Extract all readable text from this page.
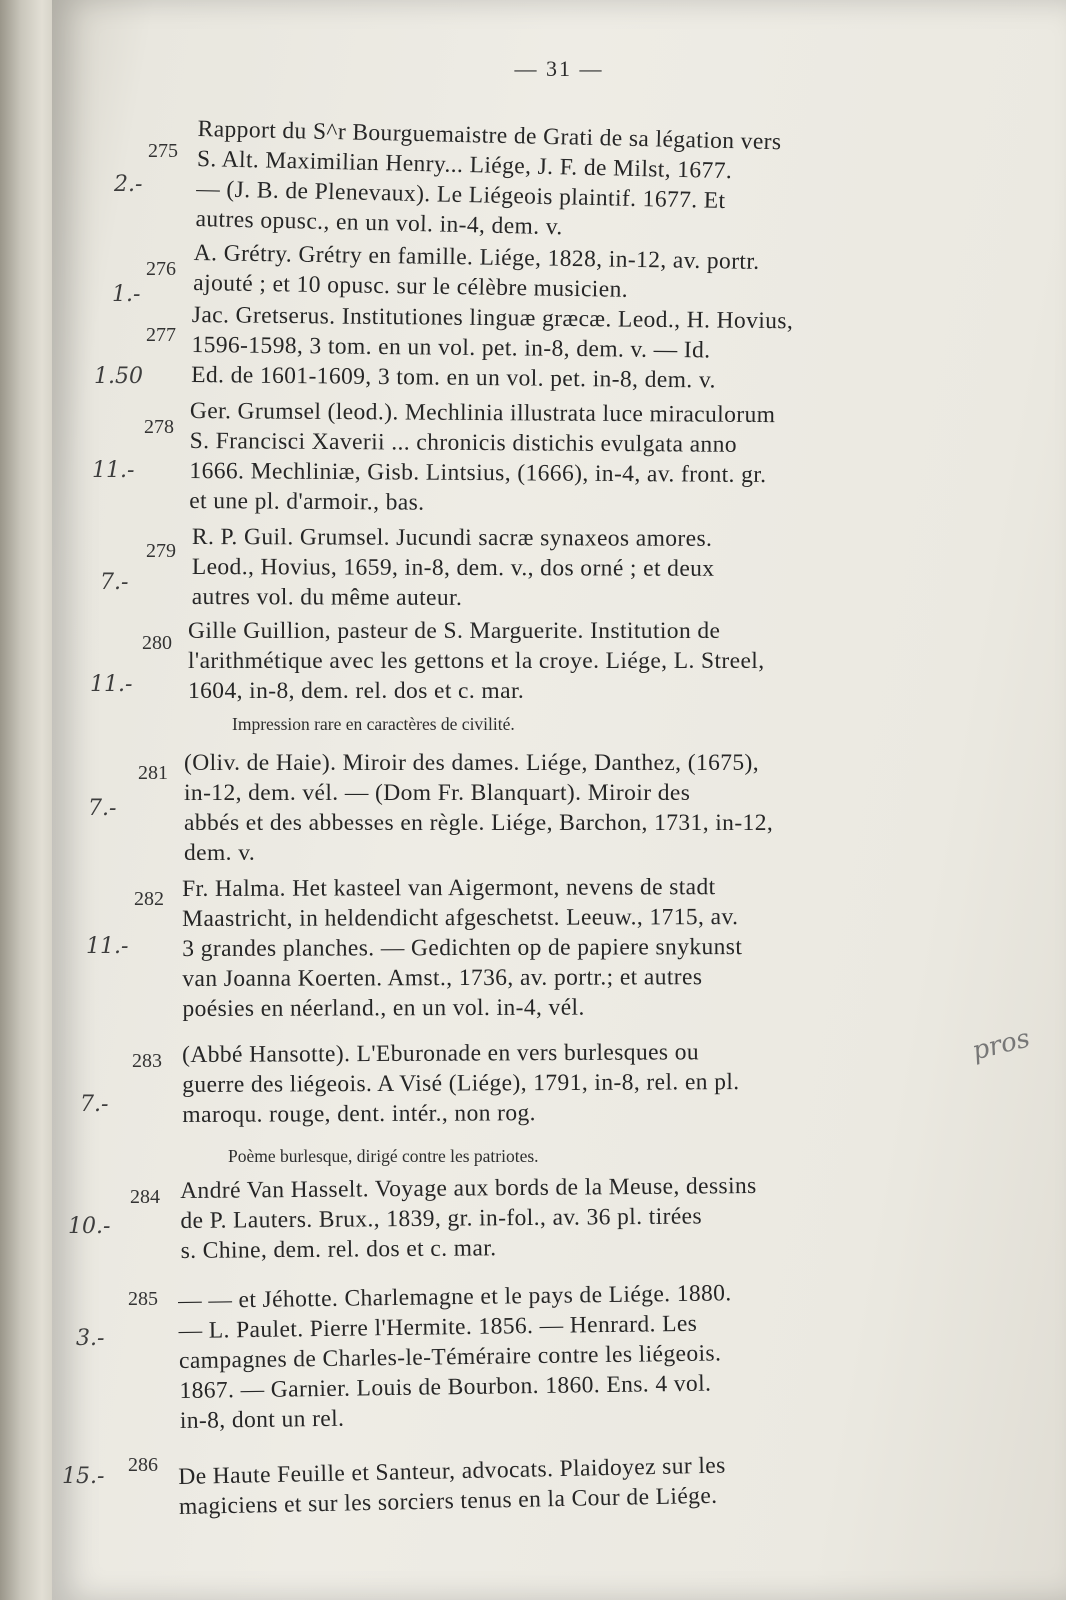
— 31 —
275
2.-
Rapport du S^r Bourguemaistre de Grati de sa légation vers
S. Alt. Maximilian Henry... Liége, J. F. de Milst, 1677.
— (J. B. de Plenevaux). Le Liégeois plaintif. 1677. Et
autres opusc., en un vol. in-4, dem. v.
276
1.-
A. Grétry. Grétry en famille. Liége, 1828, in-12, av. portr.
ajouté ; et 10 opusc. sur le célèbre musicien.
277
1.50
Jac. Gretserus. Institutiones linguæ græcæ. Leod., H. Hovius,
1596-1598, 3 tom. en un vol. pet. in-8, dem. v. — Id.
Ed. de 1601-1609, 3 tom. en un vol. pet. in-8, dem. v.
278
11.-
Ger. Grumsel (leod.). Mechlinia illustrata luce miraculorum
S. Francisci Xaverii ... chronicis distichis evulgata anno
1666. Mechliniæ, Gisb. Lintsius, (1666), in-4, av. front. gr.
et une pl. d'armoir., bas.
279
7.-
R. P. Guil. Grumsel. Jucundi sacræ synaxeos amores.
Leod., Hovius, 1659, in-8, dem. v., dos orné ; et deux
autres vol. du même auteur.
280
11.-
Gille Guillion, pasteur de S. Marguerite. Institution de
l'arithmétique avec les gettons et la croye. Liége, L. Streel,
1604, in-8, dem. rel. dos et c. mar.
Impression rare en caractères de civilité.
281
7.-
(Oliv. de Haie). Miroir des dames. Liége, Danthez, (1675),
in-12, dem. vél. — (Dom Fr. Blanquart). Miroir des
abbés et des abbesses en règle. Liége, Barchon, 1731, in-12,
dem. v.
282
11.-
Fr. Halma. Het kasteel van Aigermont, nevens de stadt
Maastricht, in heldendicht afgeschetst. Leeuw., 1715, av.
3 grandes planches. — Gedichten op de papiere snykunst
van Joanna Koerten. Amst., 1736, av. portr.; et autres
poésies en néerland., en un vol. in-4, vél.
283
7.-
(Abbé Hansotte). L'Eburonade en vers burlesques ou
guerre des liégeois. A Visé (Liége), 1791, in-8, rel. en pl.
maroqu. rouge, dent. intér., non rog.
Poème burlesque, dirigé contre les patriotes.
284
10.-
André Van Hasselt. Voyage aux bords de la Meuse, dessins
de P. Lauters. Brux., 1839, gr. in-fol., av. 36 pl. tirées
s. Chine, dem. rel. dos et c. mar.
285
3.-
— — et Jéhotte. Charlemagne et le pays de Liége. 1880.
— L. Paulet. Pierre l'Hermite. 1856. — Henrard. Les
campagnes de Charles-le-Téméraire contre les liégeois.
1867. — Garnier. Louis de Bourbon. 1860. Ens. 4 vol.
in-8, dont un rel.
286
15.-	De Haute Feuille et Santeur, advocats. Plaidoyez sur les
magiciens et sur les sorciers tenus en la Cour de Liége.
pros
